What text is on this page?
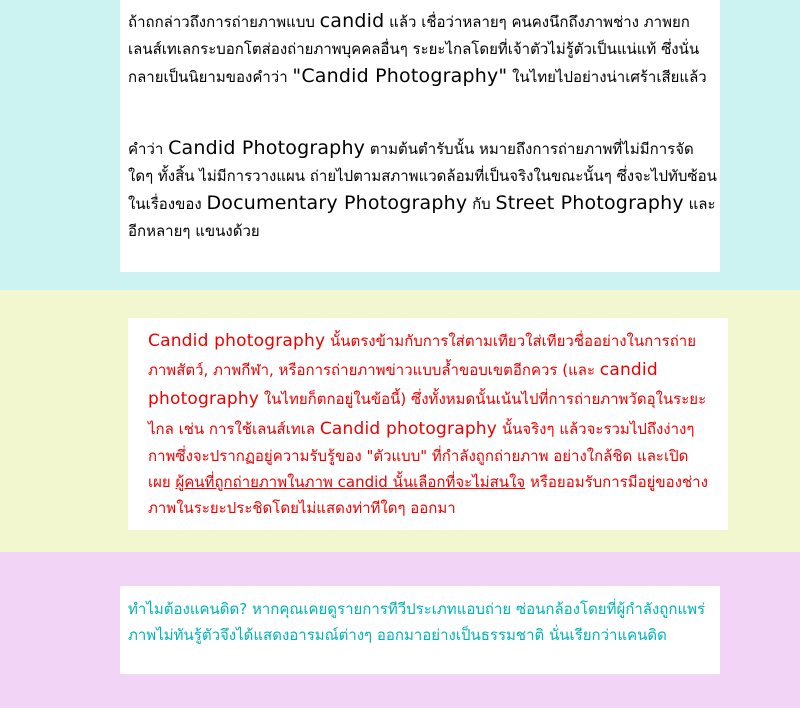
ถ้าถกล่าวถึงการถ่ายภาพแบบ candid แล้ว เชื่อว่าหลายๆ คนคงนึกถึงภาพช่าง ภาพยกเลนส์เทเลกระบอกโตส่องถ่ายภาพบุคคลอื่นๆ ระยะไกลโดยที่เจ้าตัวไม่รู้ตัวเป็นแน่แท้ ซึ่งนั่นกลายเป็นนิยามของคำว่า "Candid Photography" ในไทยไปอย่างน่าเศร้าเสียแล้ว

คำว่า Candid Photography ตามต้นตำรับนั้น หมายถึงการถ่ายภาพที่ไม่มีการจัดใดๆ ทั้งสิ้น ไม่มีการวางแผน ถ่ายไปตามสภาพแวดล้อมที่เป็นจริงในขณะนั้นๆ ซึ่งจะไปทับซ้อนในเรื่องของ Documentary Photography กับ Street Photography และอีกหลายๆ แขนงด้วย

Candid photography นั้นตรงข้ามกับการใส่ตามเทียวใส่เทียวชื่ออย่างในการถ่ายภาพสัตว์, ภาพกีฬา, หรือการถ่ายภาพข่าวแบบล้ำขอบเขตอีกควร (และ candid photography ในไทยก็ตกอยู่ในข้อนี้) ซึ่งทั้งหมดนั้นเน้นไปที่การถ่ายภาพวัดอุในระยะไกล เช่น การใช้เลนส์เทเล Candid photography นั้นจริงๆ แล้วจะรวมไปถึงง่างๆกาพซึ่งจะปรากฏอยู่ความรับรู้ของ "ตัวแบบ" ที่กำลังถูกถ่ายภาพ อย่างใกล้ชิด และเปิดเผย ผู้คนที่ถูกถ่ายภาพในภาพ candid นั้นเลือกที่จะไม่สนใจ หรือยอมรับการมีอยู่ของช่างภาพในระยะประชิดโดยไม่แสดงท่าทีใดๆ ออกมา

ทำไมต้องแคนดิด? หากคุณเคยดูรายการทีวีประเภทแอบถ่าย ซ่อนกล้องโดยที่ผู้กำลังถูกแพร่ภาพไม่ทันรู้ตัวจึงได้แสดงอารมณ์ต่างๆ ออกมาอย่างเป็นธรรมชาติ นั่นเรียกว่าแคนดิด
